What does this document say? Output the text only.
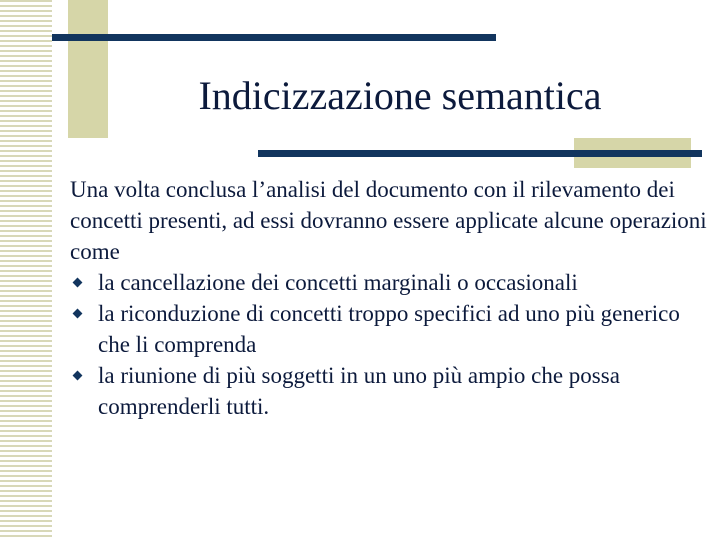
Indicizzazione semantica

Una volta conclusa l’analisi del documento con il rilevamento dei concetti presenti, ad essi dovranno essere applicate alcune operazioni come

la cancellazione dei concetti marginali o occasionali
la riconduzione di concetti troppo specifici ad uno più generico che li comprenda
la riunione di più soggetti in un uno più ampio che possa comprenderli tutti.
